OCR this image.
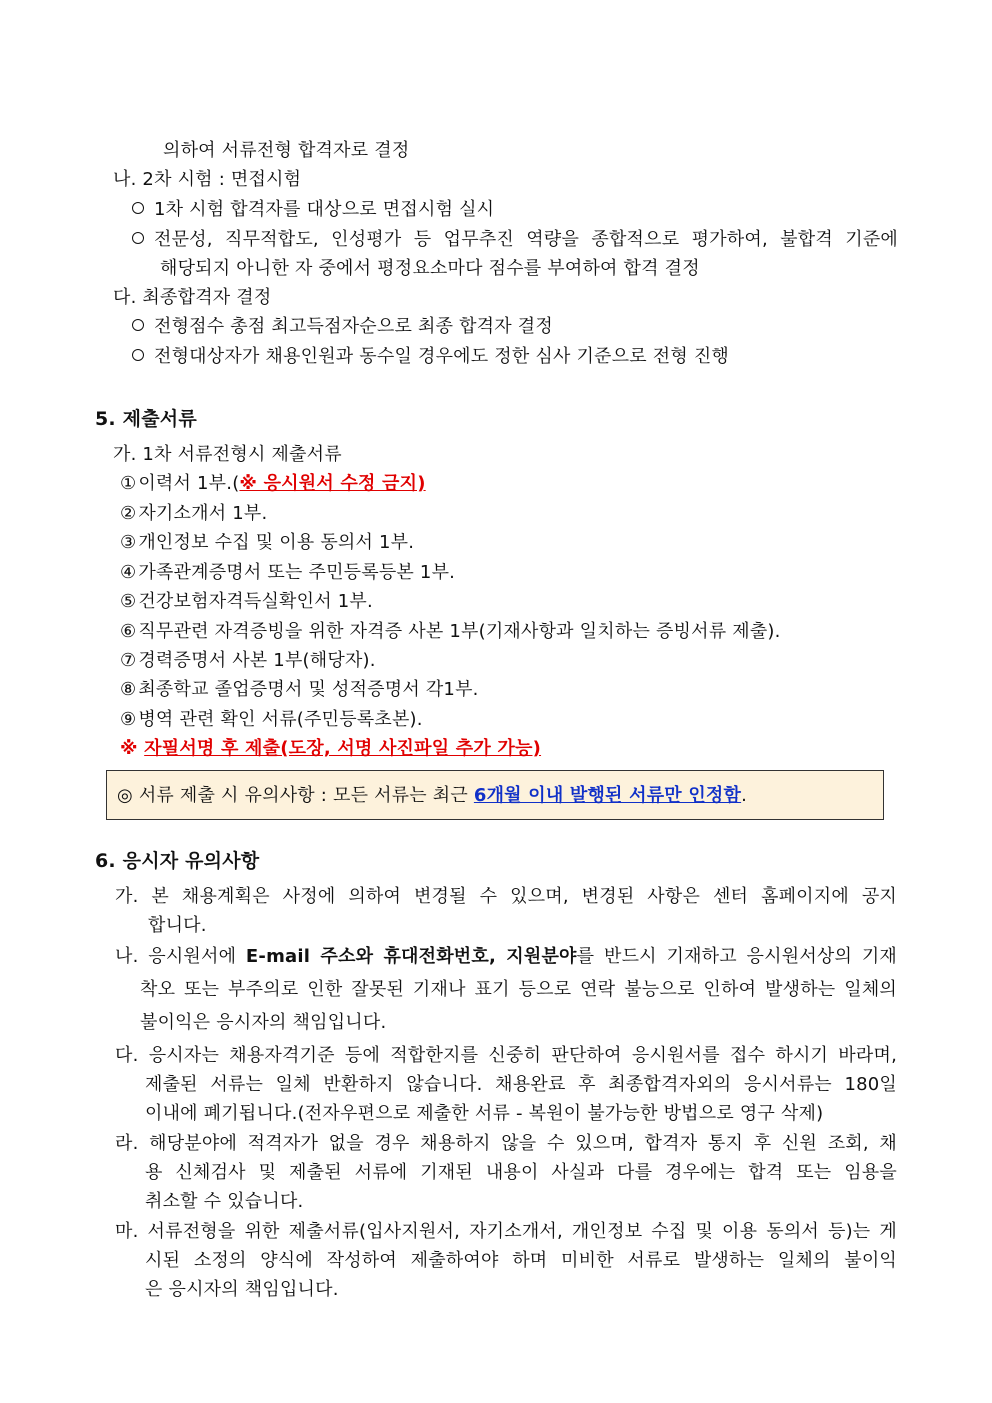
의하여 서류전형 합격자로 결정
나. 2차 시험 : 면접시험
1차 시험 합격자를 대상으로 면접시험 실시
전문성, 직무적합도, 인성평가 등 업무추진 역량을 종합적으로 평가하여, 불합격 기준에
해당되지 아니한 자 중에서 평정요소마다 점수를 부여하여 합격 결정
다. 최종합격자 결정
전형점수 총점 최고득점자순으로 최종 합격자 결정
전형대상자가 채용인원과 동수일 경우에도 정한 심사 기준으로 전형 진행
5. 제출서류
가. 1차 서류전형시 제출서류
① 이력서 1부.(※ 응시원서 수정 금지)
② 자기소개서 1부.
③ 개인정보 수집 및 이용 동의서 1부.
④ 가족관계증명서 또는 주민등록등본 1부.
⑤ 건강보험자격득실확인서 1부.
⑥ 직무관련 자격증빙을 위한 자격증 사본 1부(기재사항과 일치하는 증빙서류 제출).
⑦ 경력증명서 사본 1부(해당자).
⑧ 최종학교 졸업증명서 및 성적증명서 각1부.
⑨ 병역 관련 확인 서류(주민등록초본).
※ 자필서명 후 제출(도장, 서명 사진파일 추가 가능)
◎ 서류 제출 시 유의사항 : 모든 서류는 최근 6개월 이내 발행된 서류만 인정함.
6. 응시자 유의사항
가. 본 채용계획은 사정에 의하여 변경될 수 있으며, 변경된 사항은 센터 홈페이지에 공지
합니다.
나. 응시원서에 E-mail 주소와 휴대전화번호, 지원분야를 반드시 기재하고 응시원서상의 기재
착오 또는 부주의로 인한 잘못된 기재나 표기 등으로 연락 불능으로 인하여 발생하는 일체의
불이익은 응시자의 책임입니다.
다. 응시자는 채용자격기준 등에 적합한지를 신중히 판단하여 응시원서를 접수 하시기 바라며,
제출된 서류는 일체 반환하지 않습니다. 채용완료 후 최종합격자외의 응시서류는 180일
이내에 폐기됩니다.(전자우편으로 제출한 서류 - 복원이 불가능한 방법으로 영구 삭제)
라. 해당분야에 적격자가 없을 경우 채용하지 않을 수 있으며, 합격자 통지 후 신원 조회, 채
용 신체검사 및 제출된 서류에 기재된 내용이 사실과 다를 경우에는 합격 또는 임용을
취소할 수 있습니다.
마. 서류전형을 위한 제출서류(입사지원서, 자기소개서, 개인정보 수집 및 이용 동의서 등)는 게
시된 소정의 양식에 작성하여 제출하여야 하며 미비한 서류로 발생하는 일체의 불이익
은 응시자의 책임입니다.
